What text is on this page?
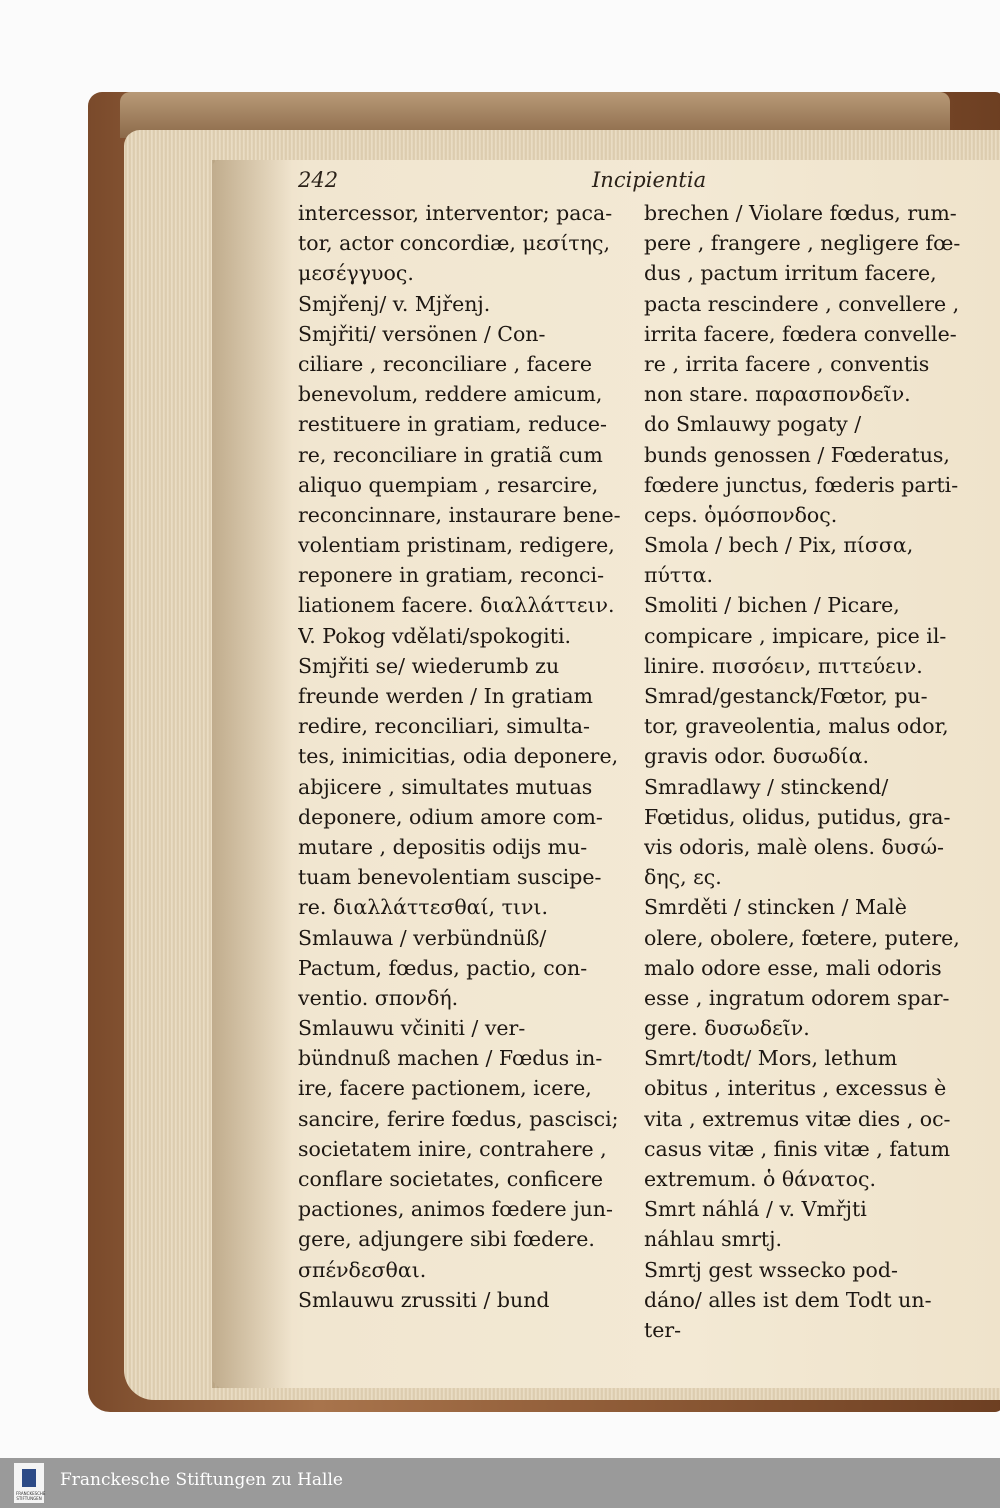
242	Incipientia
intercessor, interventor; paca-
tor, actor concordiæ, μεσίτης,
μεσέγγυος.
Smjřenj/ v. Mjřenj.
Smjřiti/ versönen / Con-
ciliare , reconciliare , facere
benevolum, reddere amicum,
restituere in gratiam, reduce-
re, reconciliare in gratiã cum
aliquo quempiam , resarcire,
reconcinnare, instaurare bene-
volentiam pristinam, redigere,
reponere in gratiam, reconci-
liationem facere. διαλλάττειν.
V. Pokog vdělati/spokogiti.
Smjřiti se/ wiederumb zu
freunde werden / In gratiam
redire, reconciliari, simulta-
tes, inimicitias, odia deponere,
abjicere , simultates mutuas
deponere, odium amore com-
mutare , depositis odijs mu-
tuam benevolentiam suscipe-
re. διαλλάττεσθαί, τινι.
Smlauwa / verbündnüß/
Pactum, fœdus, pactio, con-
ventio. σπονδή.
Smlauwu včiniti / ver-
bündnuß machen / Fœdus in-
ire, facere pactionem, icere,
sancire, ferire fœdus, pascisci;
societatem inire, contrahere ,
conflare societates, conficere
pactiones, animos fœdere jun-
gere, adjungere sibi fœdere.
σπένδεσθαι.
Smlauwu zrussiti / bund
brechen / Violare fœdus, rum-
pere , frangere , negligere fœ-
dus , pactum irritum facere,
pacta rescindere , convellere ,
irrita facere, fœdera convelle-
re , irrita facere , conventis
non stare. παρασπονδεῖν.
do Smlauwy pogaty /
bunds genossen / Fœderatus,
fœdere junctus, fœderis parti-
ceps. ὁμόσπονδος.
Smola / bech / Pix, πίσσα,
πύττα.
Smoliti / bichen / Picare,
compicare , impicare, pice il-
linire. πισσόειν, πιττεύειν.
Smrad/gestanck/Fœtor, pu-
tor, graveolentia, malus odor,
gravis odor. δυσωδία.
Smradlawy / stinckend/
Fœtidus, olidus, putidus, gra-
vis odoris, malè olens. δυσώ-
δης, ες.
Smrděti / stincken / Malè
olere, obolere, fœtere, putere,
malo odore esse, mali odoris
esse , ingratum odorem spar-
gere. δυσωδεῖν.
Smrt/todt/ Mors, lethum
obitus , interitus , excessus è
vita , extremus vitæ dies , oc-
casus vitæ , finis vitæ , fatum
extremum. ὁ θάνατος.
Smrt náhlá / v. Vmřjti
náhlau smrtj.
Smrtj gest wssecko pod-
dáno/ alles ist dem Todt un-
ter-
FRANCKESCHE STIFTUNGEN
Franckesche Stiftungen zu Halle
